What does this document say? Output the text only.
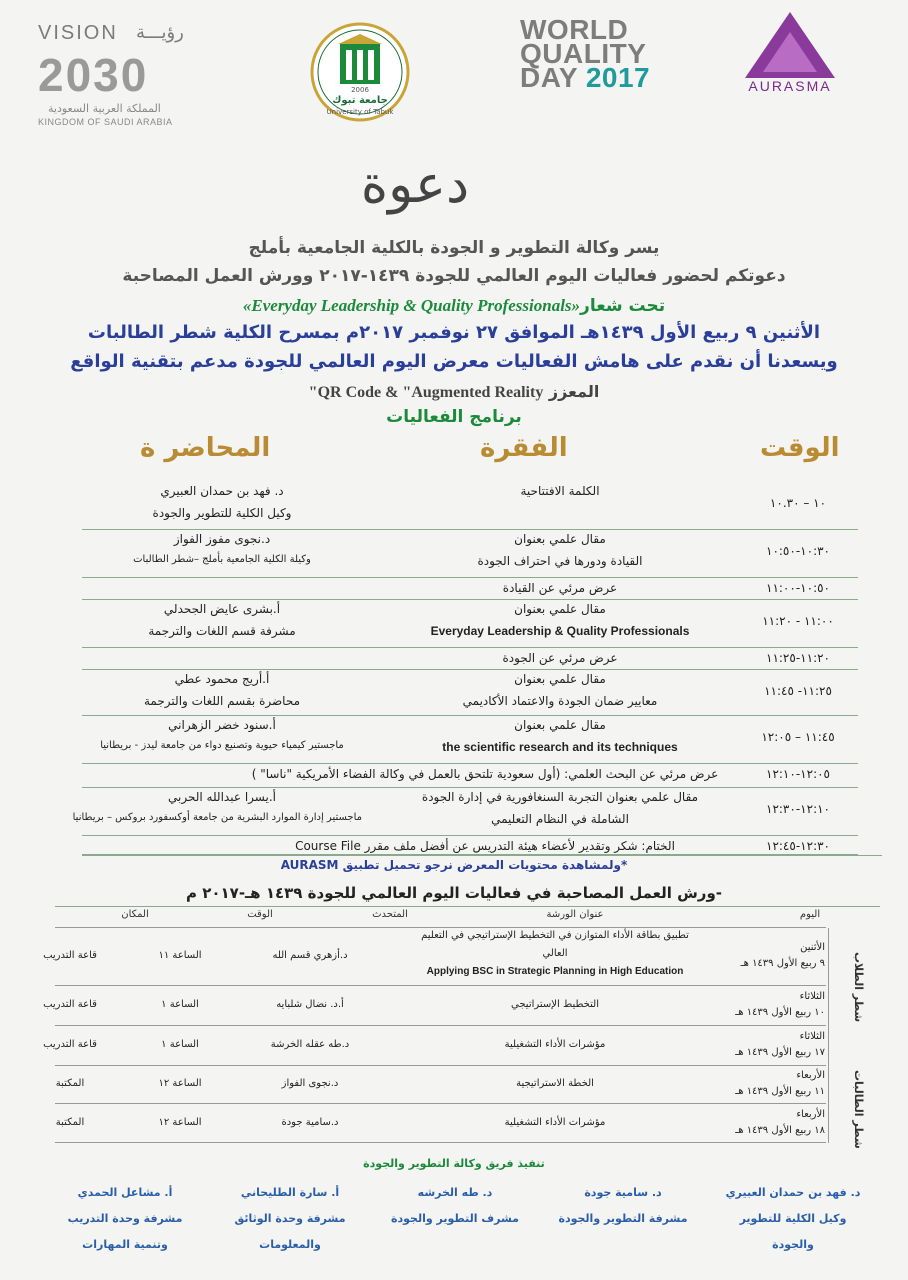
VISION	رؤيـــة
2030
المملكة العربية السعودية
KINGDOM OF SAUDI ARABIA
2006
جامعة تبوك
University of Tabuk
WORLD
QUALITY
DAY 2017	AURASMA
دعوة
يسر وكالة التطوير و الجودة بالكلية الجامعية بأملج
دعوتكم لحضور فعاليات اليوم العالمي للجودة ١٤٣٩-٢٠١٧ وورش العمل المصاحبة
تحت شعار«Everyday Leadership & Quality Professionals»
الأثنين ٩ ربيع الأول ١٤٣٩هـ الموافق ٢٧ نوفمبر ٢٠١٧م بمسرح الكلية شطر الطالبات
ويسعدنا أن نقدم على هامش الفعاليات معرض اليوم العالمي للجودة مدعم بتقنية الواقع
المعزز QR Code & "Augmented Reality"
برنامج الفعاليات
الوقت
الفقرة
المحاضر ة
١٠ – ١٠.٣٠
الكلمة الافتتاحية
د. فهد بن حمدان العبيري
وكيل الكلية للتطوير والجودة
١٠:٣٠-١٠:٥٠
مقال علمي بعنوان
القيادة ودورها في احتراف الجودة
د.نجوى مفوز الفواز
وكيلة الكلية الجامعية بأملج –شطر الطالبات
١٠:٥٠-١١:٠٠
عرض مرئي عن القيادة
١١:٠٠ - ١١:٢٠
مقال علمي بعنوان
Everyday Leadership & Quality Professionals
أ.بشرى عايض الجحدلي
مشرفة قسم اللغات والترجمة
١١:٢٠-١١:٢٥
عرض مرئي عن الجودة
١١:٢٥- ١١:٤٥
مقال علمي بعنوان
معايير ضمان الجودة والاعتماد الأكاديمي
أ.أريج محمود عطي
محاضرة بقسم اللغات والترجمة
١١:٤٥ – ١٢:٠٥
مقال علمي بعنوان
the scientific research and its techniques
أ.سنود خضر الزهراني
ماجستير كيمياء حيوية وتصنيع دواء من جامعة ليدز - بريطانيا
١٢:٠٥-١٢:١٠
عرض مرئي عن البحث العلمي: (أول سعودية تلتحق بالعمل في وكالة الفضاء الأمريكية "ناسا" )
١٢:١٠-١٢:٣٠
مقال علمي بعنوان التجربة السنغافورية في إدارة الجودة
الشاملة في النظام التعليمي
أ.يسرا عبدالله الحربي
ماجستير إدارة الموارد البشرية من جامعة أوكسفورد بروكس – بريطانيا
١٢:٣٠-١٢:٤٥
الختام: شكر وتقدير لأعضاء هيئة التدريس عن أفضل ملف مقرر Course File
*ولمشاهدة محتويات المعرض نرجو تحميل تطبيق AURASM
-ورش العمل المصاحبة في فعاليات اليوم العالمي للجودة ١٤٣٩ هـ-٢٠١٧ م
اليوم
عنوان الورشة
المتحدث
الوقت
المكان
الأثنين
٩ ربيع الأول ١٤٣٩ هـ
تطبيق بطاقة الأداء المتوازن في التخطيط الإستراتيجي في التعليم
العالي
Applying BSC in Strategic Planning in High Education
د.أزهري قسم الله
الساعة ١١
قاعة التدريب
الثلاثاء
١٠ ربيع الأول ١٤٣٩ هـ
التخطيط الإستراتيجي
أ.د. نضال شلبايه
الساعة ١
قاعة التدريب
الثلاثاء
١٧ ربيع الأول ١٤٣٩ هـ
مؤشرات الأداء التشغيلية
د.طه عقله الخرشة
الساعة ١
قاعة التدريب
الأربعاء
١١ ربيع الأول ١٤٣٩ هـ
الخطة الاستراتيجية
د.نجوى الفواز
الساعة ١٢
المكتبة
الأربعاء
١٨ ربيع الأول ١٤٣٩ هـ
مؤشرات الأداء التشغيلية
د.سامية جودة
الساعة ١٢
المكتبة
شطر الطلاب
شطر الطالبات
تنفيذ فريق وكالة التطوير والجودة
د. فهد بن حمدان العبيري
وكيل الكلية للتطوير والجودة
د. سامية جودة
مشرفة التطوير والجودة
د. طه الخرشه
مشرف التطوير والجودة
أ. سارة الطليحاني
مشرفة وحدة الوثائق
والمعلومات
أ. مشاعل الحمدي
مشرفة وحدة التدريب
وتنمية المهارات
